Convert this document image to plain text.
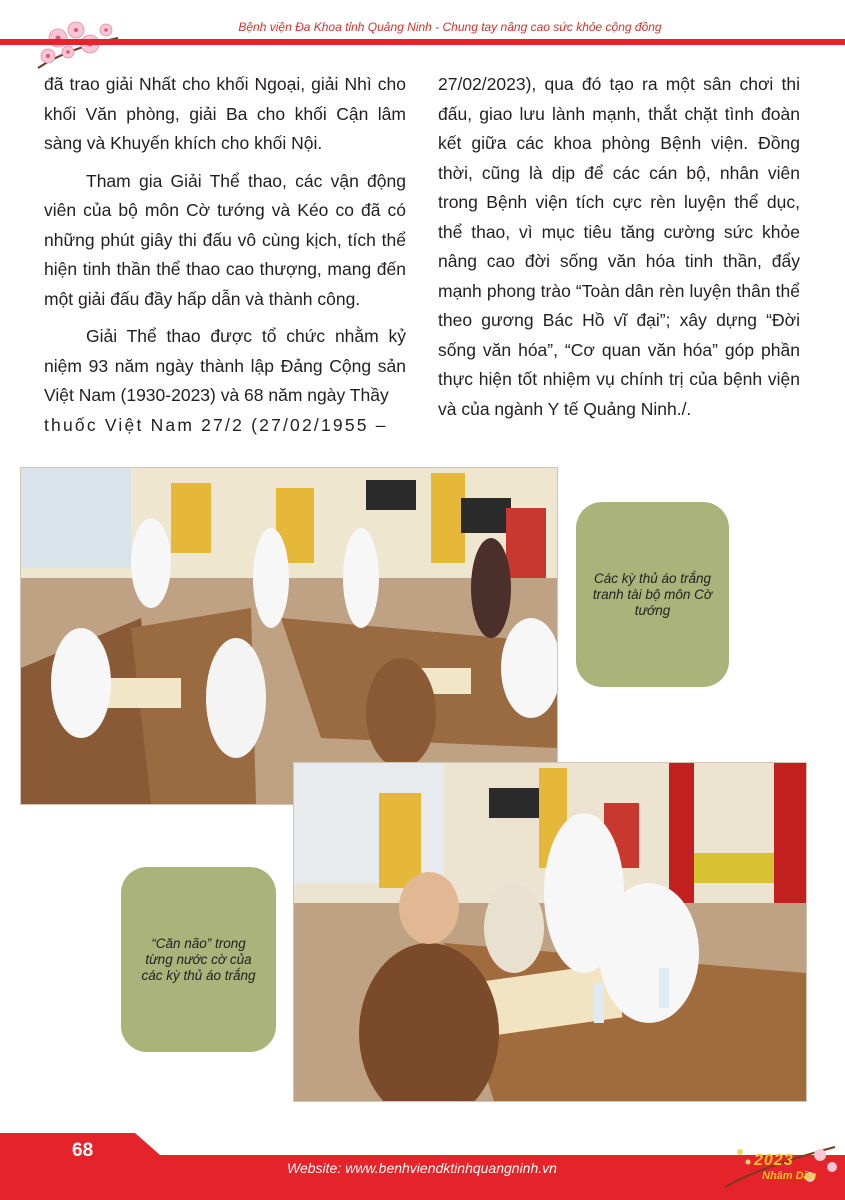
Bệnh viện Đa Khoa tỉnh Quảng Ninh - Chung tay nâng cao sức khỏe cộng đồng

đã trao giải Nhất cho khối Ngoại, giải Nhì cho khối Văn phòng, giải Ba cho khối Cận lâm sàng và Khuyến khích cho khối Nội.

Tham gia Giải Thể thao, các vận động viên của bộ môn Cờ tướng và Kéo co đã có những phút giây thi đấu vô cùng kịch, tích thể hiện tinh thần thể thao cao thượng, mang đến một giải đấu đầy hấp dẫn và thành công.

Giải Thể thao được tổ chức nhằm kỷ niệm 93 năm ngày thành lập Đảng Cộng sản Việt Nam (1930-2023) và 68 năm ngày Thầy

thuốc Việt Nam 27/2 (27/02/1955 –

27/02/2023), qua đó tạo ra một sân chơi thi đấu, giao lưu lành mạnh, thắt chặt tình đoàn kết giữa các khoa phòng Bệnh viện. Đồng thời, cũng là dịp để các cán bộ, nhân viên trong Bệnh viện tích cực rèn luyện thể dục, thể thao, vì mục tiêu tăng cường sức khỏe nâng cao đời sống văn hóa tinh thần, đẩy mạnh phong trào “Toàn dân rèn luyện thân thể theo gương Bác Hồ vĩ đại”; xây dựng “Đời sống văn hóa”, “Cơ quan văn hóa” góp phần thực hiện tốt nhiệm vụ chính trị của bệnh viện và của ngành Y tế Quảng Ninh./.

Các kỳ thủ áo trắng tranh tài bộ môn Cờ tướng
“Căn não” trong từng nước cờ của các kỳ thủ áo trắng
68
Website: www.benhviendktinhquangninh.vn	2023
Nhâm Dần
